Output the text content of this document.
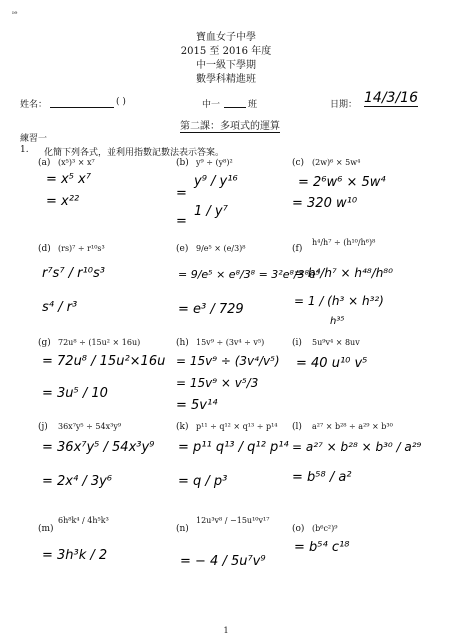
ᶦᵉ
寶血女子中學
2015 至 2016 年度
中一級下學期
數學科精進班
姓名：	( )	中一	班	日期： 14/3/16
第二課：多項式的運算
練習一
1. 化簡下列各式，並利用指數記數法表示答案。
(a) (x⁵)³ × x⁷
= x⁵ x⁷
= x²²
(b) y⁹ ÷ (y⁸)²
y⁹ / y¹⁶
1 / y⁷
=
=
(c) (2w)⁶ × 5w⁴
= 2⁶w⁶ × 5w⁴
= 320 w¹⁰
(d) (rs)⁷ ÷ r¹⁰s³
r⁷s⁷ / r¹⁰s³
s⁴ / r³
(e) 9/e⁵ × (e/3)⁸
= 9/e⁵ × e⁸/3⁸ = 3²e⁸/3⁸e⁵
= e³ / 729
(f)
h⁴/h⁷ ÷ (h¹⁰/h⁶)⁸
= h⁴/h⁷ × h⁴⁸/h⁸⁰
= 1 / (h³ × h³²)
h³⁵
(g) 72u⁸ ÷ (15u² × 16u)
= 72u⁸ / 15u²×16u
= 3u⁵ / 10
(h) 15v⁹ ÷ (3v⁴ ÷ v⁵)
= 15v⁹ ÷ (3v⁴/v⁵)
= 15v⁹ × v⁵/3
= 5v¹⁴
(i) 5u⁹v⁴ × 8uv
= 40 u¹⁰ v⁵
(j) 36x⁷y⁵ ÷ 54x³y⁹
= 36x⁷y⁵ / 54x³y⁹
= 2x⁴ / 3y⁶
(k) p¹¹ ÷ q¹² × q¹³ ÷ p¹⁴
= p¹¹ q¹³ / q¹² p¹⁴
= q / p³
(l) a²⁷ × b²⁸ ÷ a²⁹ × b³⁰
= a²⁷ × b²⁸ × b³⁰ / a²⁹
= b⁵⁸ / a²
(m)
6h⁸k⁴ / 4h⁵k³
= 3h³k / 2
(n)
12u³v⁸ / −15u¹⁰v¹⁷
= − 4 / 5u⁷v⁹
(o) (b⁶c²)⁹
= b⁵⁴ c¹⁸
1
